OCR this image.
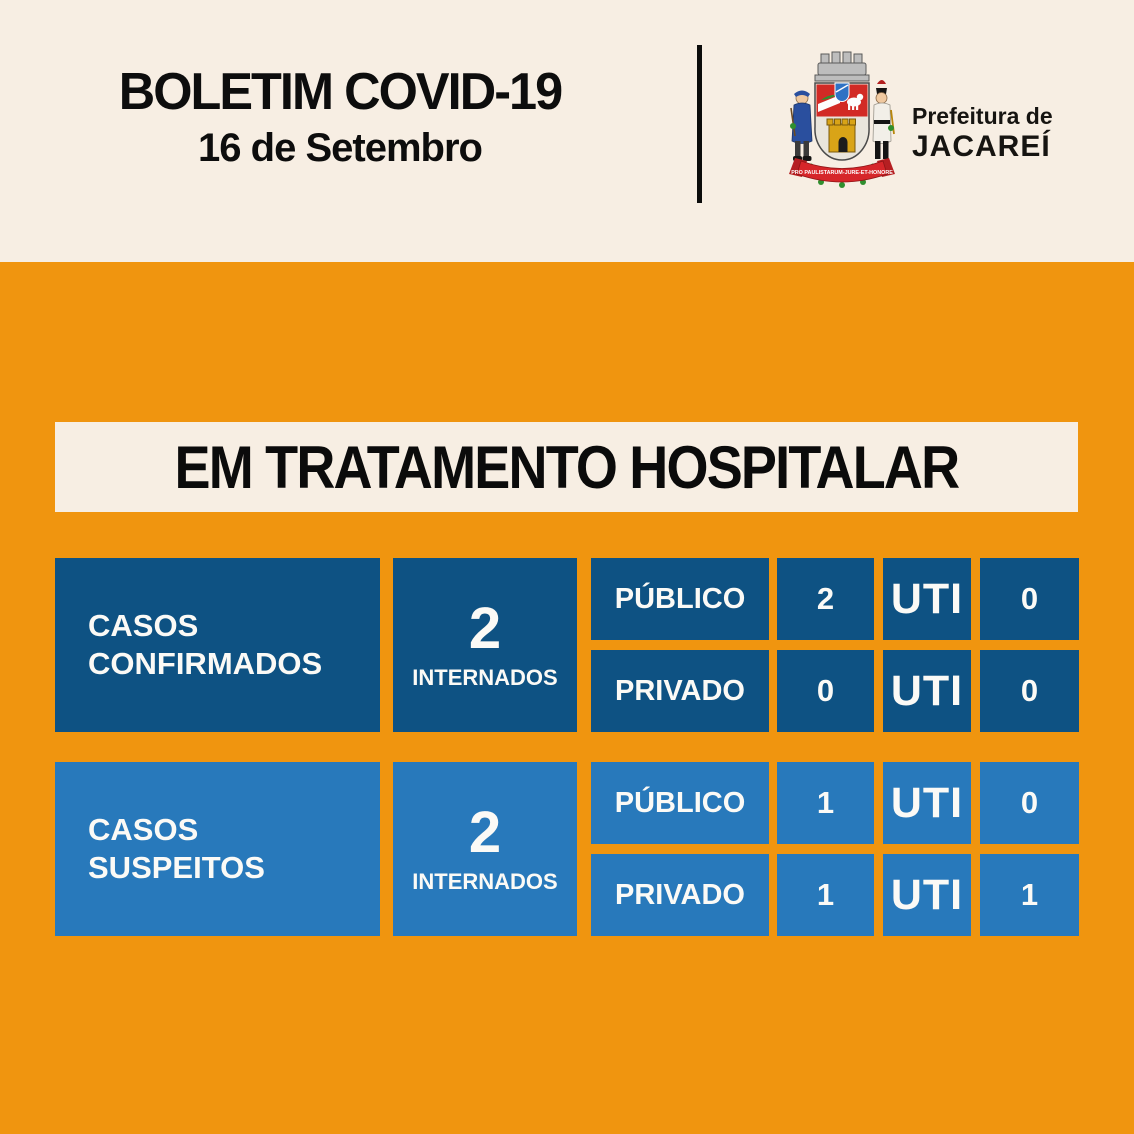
BOLETIM COVID-19
16 de Setembro
PRO PAULISTARUM-JURE-ET-HONORE
Prefeitura de
JACAREÍ
EM TRATAMENTO HOSPITALAR
CASOS
CONFIRMADOS
2
INTERNADOS
PÚBLICO	2	UTI	0
PRIVADO	0	UTI	0
CASOS
SUSPEITOS
2
INTERNADOS
PÚBLICO	1	UTI	0
PRIVADO	1	UTI	1
